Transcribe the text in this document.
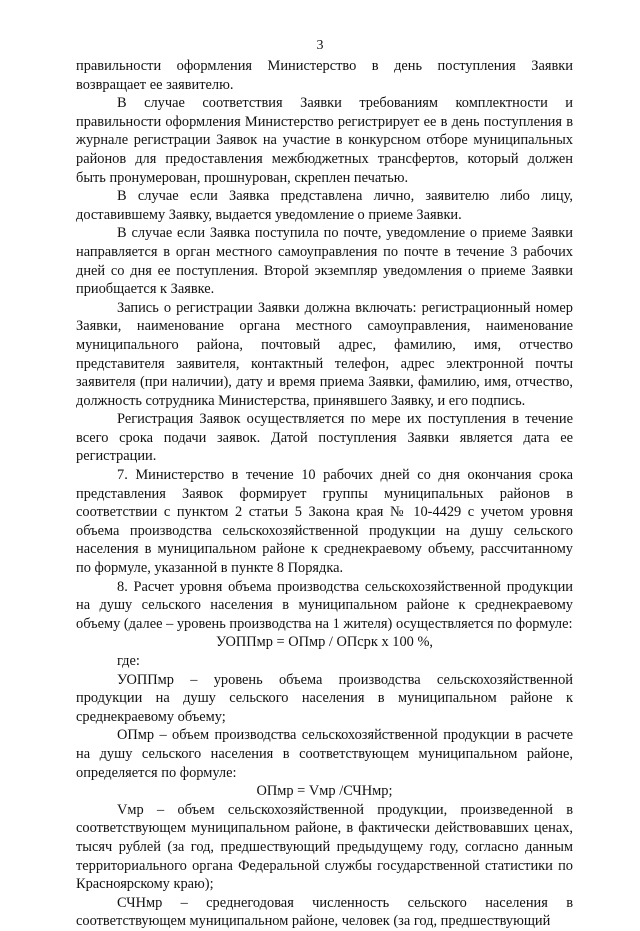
3

правильности оформления Министерство в день поступления Заявки возвращает ее заявителю.

В случае соответствия Заявки требованиям комплектности и правильности оформления Министерство регистрирует ее в день поступления в журнале регистрации Заявок на участие в конкурсном отборе муниципальных районов для предоставления межбюджетных трансфертов, который должен быть пронумерован, прошнурован, скреплен печатью.

В случае если Заявка представлена лично, заявителю либо лицу, доставившему Заявку, выдается уведомление о приеме Заявки.

В случае если Заявка поступила по почте, уведомление о приеме Заявки направляется в орган местного самоуправления по почте в течение 3 рабочих дней со дня ее поступления. Второй экземпляр уведомления о приеме Заявки приобщается к Заявке.

Запись о регистрации Заявки должна включать: регистрационный номер Заявки, наименование органа местного самоуправления, наименование муниципального района, почтовый адрес, фамилию, имя, отчество представителя заявителя, контактный телефон, адрес электронной почты заявителя (при наличии), дату и время приема Заявки, фамилию, имя, отчество, должность сотрудника Министерства, принявшего Заявку, и его подпись.

Регистрация Заявок осуществляется по мере их поступления в течение всего срока подачи заявок. Датой поступления Заявки является дата ее регистрации.

7. Министерство в течение 10 рабочих дней со дня окончания срока представления Заявок формирует группы муниципальных районов в соответствии с пунктом 2 статьи 5 Закона края № 10-4429 с учетом уровня объема производства сельскохозяйственной продукции на душу сельского населения в муниципальном районе к среднекраевому объему, рассчитанному по формуле, указанной в пункте 8 Порядка.

8. Расчет уровня объема производства сельскохозяйственной продукции на душу сельского населения в муниципальном районе к среднекраевому объему (далее – уровень производства на 1 жителя) осуществляется по формуле:

УОППмр = ОПмр / ОПсрк х 100 %,

где:

УОППмр – уровень объема производства сельскохозяйственной продукции на душу сельского населения в муниципальном районе к среднекраевому объему;

ОПмр – объем производства сельскохозяйственной продукции в расчете на душу сельского населения в соответствующем муниципальном районе, определяется по формуле:

ОПмр = Vмр /СЧНмр;

Vмр – объем сельскохозяйственной продукции, произведенной в соответствующем муниципальном районе, в фактически действовавших ценах, тысяч рублей (за год, предшествующий предыдущему году, согласно данным территориального органа Федеральной службы государственной статистики по Красноярскому краю);

СЧНмр – среднегодовая численность сельского населения в соответствующем муниципальном районе, человек (за год, предшествующий
